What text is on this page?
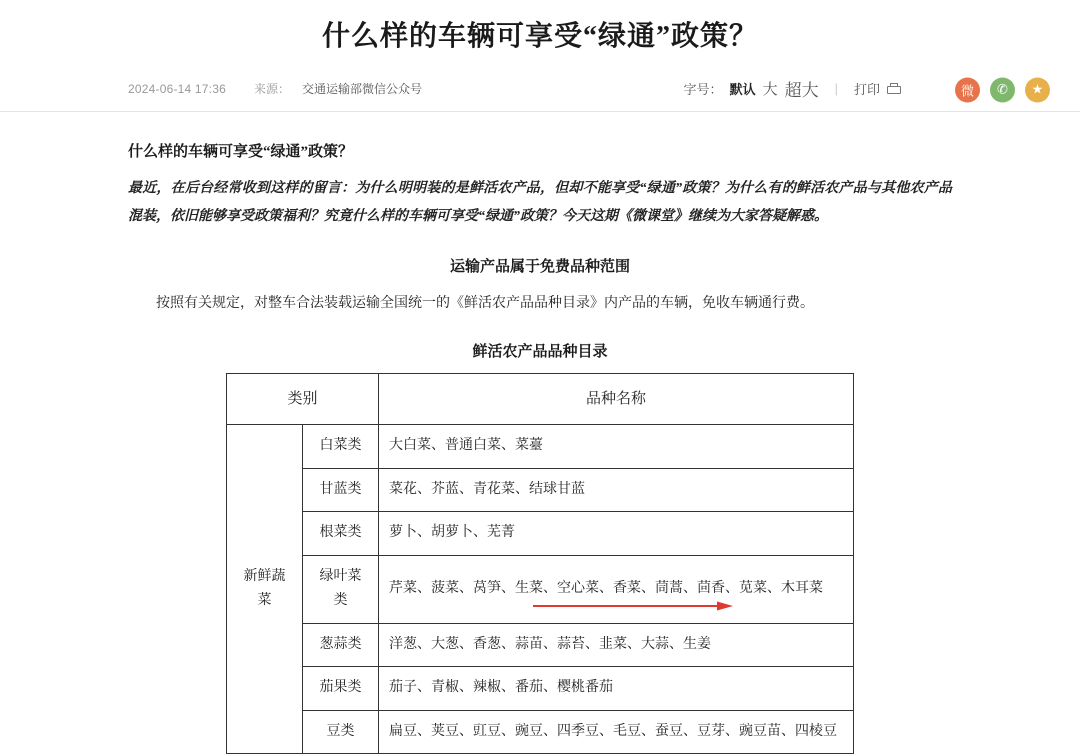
什么样的车辆可享受“绿通”政策？
2024-06-14 17:36 来源： 交通运输部微信公众号	字号： 默认 大 超大 | 打印	微	✆	★

什么样的车辆可享受“绿通”政策？

最近，在后台经常收到这样的留言：为什么明明装的是鲜活农产品，但却不能享受“绿通”政策？为什么有的鲜活农产品与其他农产品混装，依旧能够享受政策福利？究竟什么样的车辆可享受“绿通”政策？今天这期《微课堂》继续为大家答疑解惑。

运输产品属于免费品种范围

按照有关规定，对整车合法装载运输全国统一的《鲜活农产品品种目录》内产品的车辆，免收车辆通行费。

鲜活农产品品种目录

类别		品种名称
新鲜蔬菜	白菜类	大白菜、普通白菜、菜薹
	甘蓝类	菜花、芥蓝、青花菜、结球甘蓝
	根菜类	萝卜、胡萝卜、芜菁
	绿叶菜类	芹菜、菠菜、莴笋、生菜、空心菜、香菜、茼蒿、茴香、苋菜、木耳菜
	葱蒜类	洋葱、大葱、香葱、蒜苗、蒜苔、韭菜、大蒜、生姜
	茄果类	茄子、青椒、辣椒、番茄、樱桃番茄
	豆类	扁豆、荚豆、豇豆、豌豆、四季豆、毛豆、蚕豆、豆芽、豌豆苗、四棱豆
